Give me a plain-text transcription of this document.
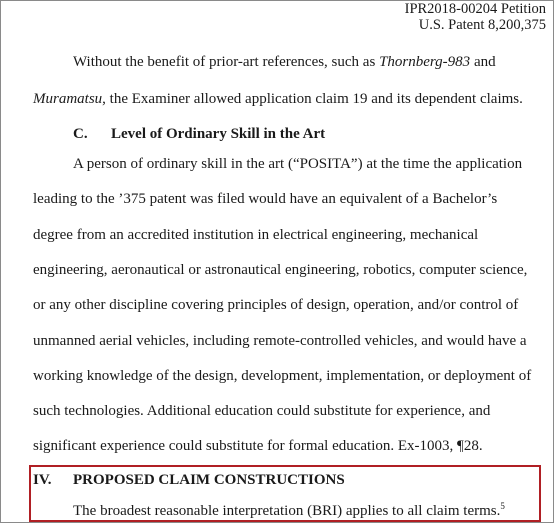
IPR2018-00204 Petition
U.S. Patent 8,200,375
Without the benefit of prior-art references, such as Thornberg-983 and
Muramatsu, the Examiner allowed application claim 19 and its dependent claims.
C. Level of Ordinary Skill in the Art
A person of ordinary skill in the art (“POSITA”) at the time the application
leading to the ’375 patent was filed would have an equivalent of a Bachelor’s
degree from an accredited institution in electrical engineering, mechanical
engineering, aeronautical or astronautical engineering, robotics, computer science,
or any other discipline covering principles of design, operation, and/or control of
unmanned aerial vehicles, including remote-controlled vehicles, and would have a
working knowledge of the design, development, implementation, or deployment of
such technologies. Additional education could substitute for experience, and
significant experience could substitute for formal education. Ex-1003, ¶28.
IV. PROPOSED CLAIM CONSTRUCTIONS
The broadest reasonable interpretation (BRI) applies to all claim terms.$^5$
